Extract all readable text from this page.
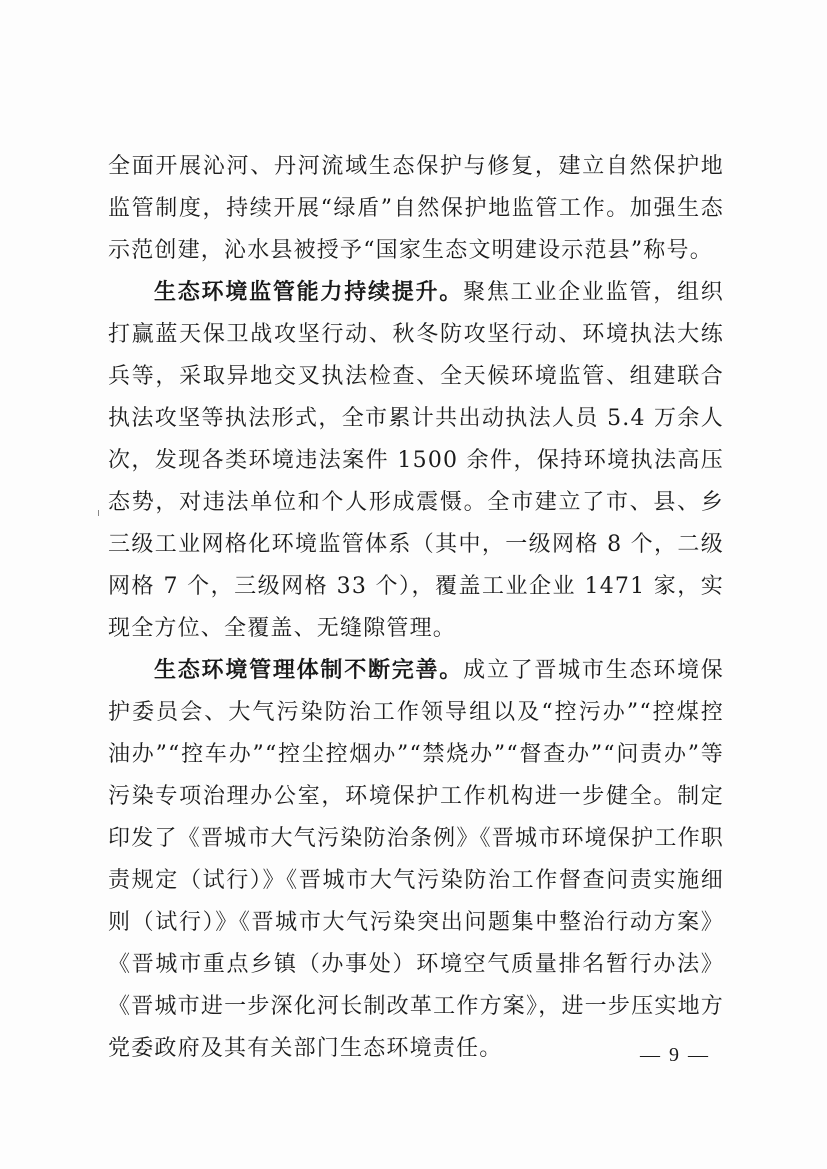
全面开展沁河、丹河流域生态保护与修复，建立自然保护地监管制度，持续开展“绿盾”自然保护地监管工作。加强生态示范创建，沁水县被授予“国家生态文明建设示范县”称号。

生态环境监管能力持续提升。聚焦工业企业监管，组织打赢蓝天保卫战攻坚行动、秋冬防攻坚行动、环境执法大练兵等，采取异地交叉执法检查、全天候环境监管、组建联合执法攻坚等执法形式，全市累计共出动执法人员 5.4 万余人次，发现各类环境违法案件 1500 余件，保持环境执法高压态势，对违法单位和个人形成震慑。全市建立了市、县、乡三级工业网格化环境监管体系（其中，一级网格 8 个，二级网格 7 个，三级网格 33 个），覆盖工业企业 1471 家，实现全方位、全覆盖、无缝隙管理。

生态环境管理体制不断完善。成立了晋城市生态环境保护委员会、大气污染防治工作领导组以及“控污办”“控煤控油办”“控车办”“控尘控烟办”“禁烧办”“督查办”“问责办”等污染专项治理办公室，环境保护工作机构进一步健全。制定印发了《晋城市大气污染防治条例》《晋城市环境保护工作职责规定（试行）》《晋城市大气污染防治工作督查问责实施细则（试行）》《晋城市大气污染突出问题集中整治行动方案》《晋城市重点乡镇（办事处）环境空气质量排名暂行办法》《晋城市进一步深化河长制改革工作方案》，进一步压实地方党委政府及其有关部门生态环境责任。	— 9 —
